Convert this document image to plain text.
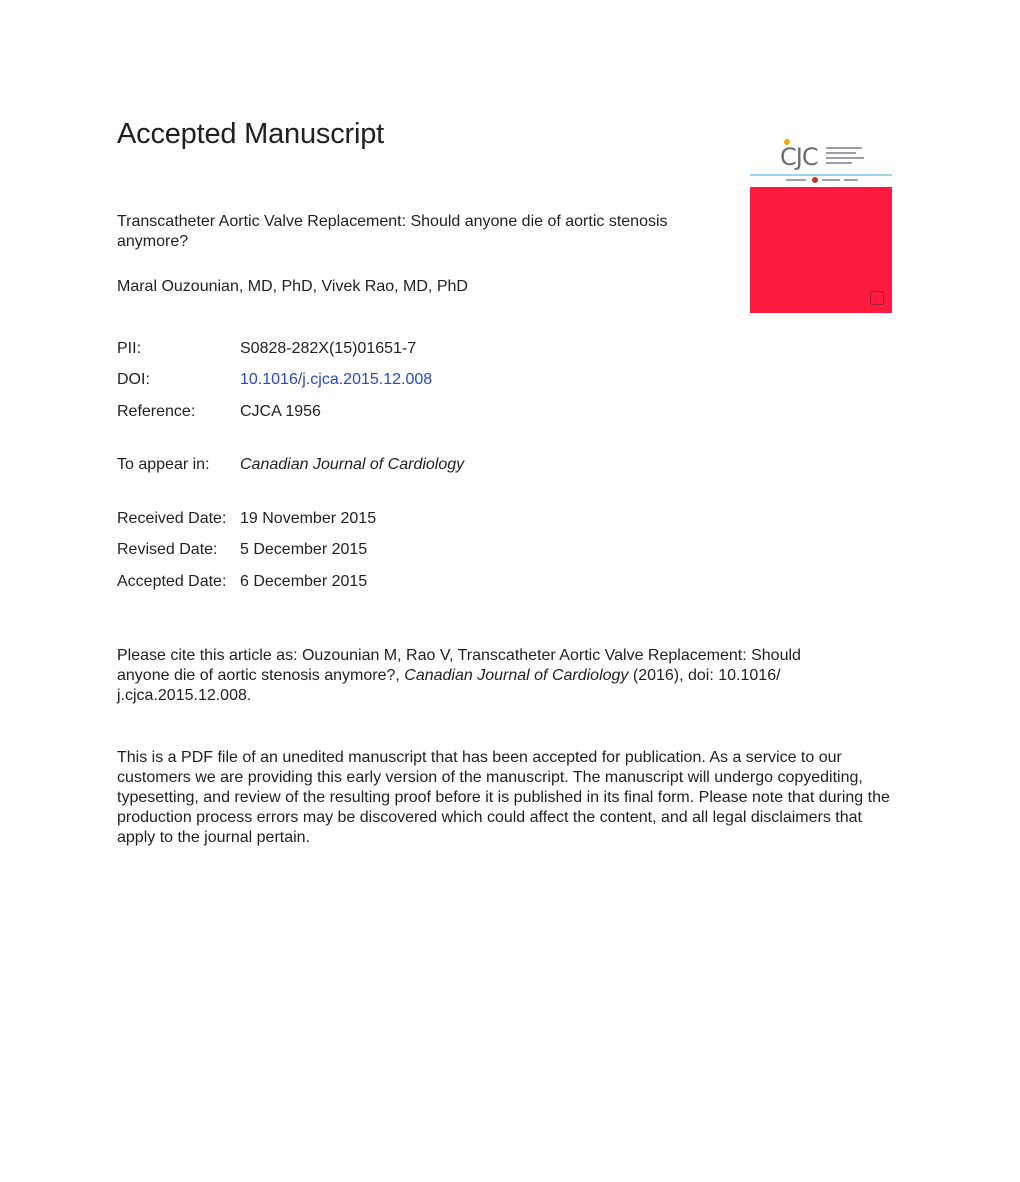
Accepted Manuscript
Transcatheter Aortic Valve Replacement: Should anyone die of aortic stenosis anymore?
Maral Ouzounian, MD, PhD, Vivek Rao, MD, PhD
PII:	S0828-282X(15)01651-7
DOI:	10.1016/j.cjca.2015.12.008
Reference:	CJCA 1956
To appear in: Canadian Journal of Cardiology
Received Date: 19 November 2015
Revised Date: 5 December 2015
Accepted Date: 6 December 2015
Please cite this article as: Ouzounian M, Rao V, Transcatheter Aortic Valve Replacement: Should anyone die of aortic stenosis anymore?, Canadian Journal of Cardiology (2016), doi: 10.1016/ j.cjca.2015.12.008.
This is a PDF file of an unedited manuscript that has been accepted for publication. As a service to our customers we are providing this early version of the manuscript. The manuscript will undergo copyediting, typesetting, and review of the resulting proof before it is published in its final form. Please note that during the production process errors may be discovered which could affect the content, and all legal disclaimers that apply to the journal pertain.
CJC
